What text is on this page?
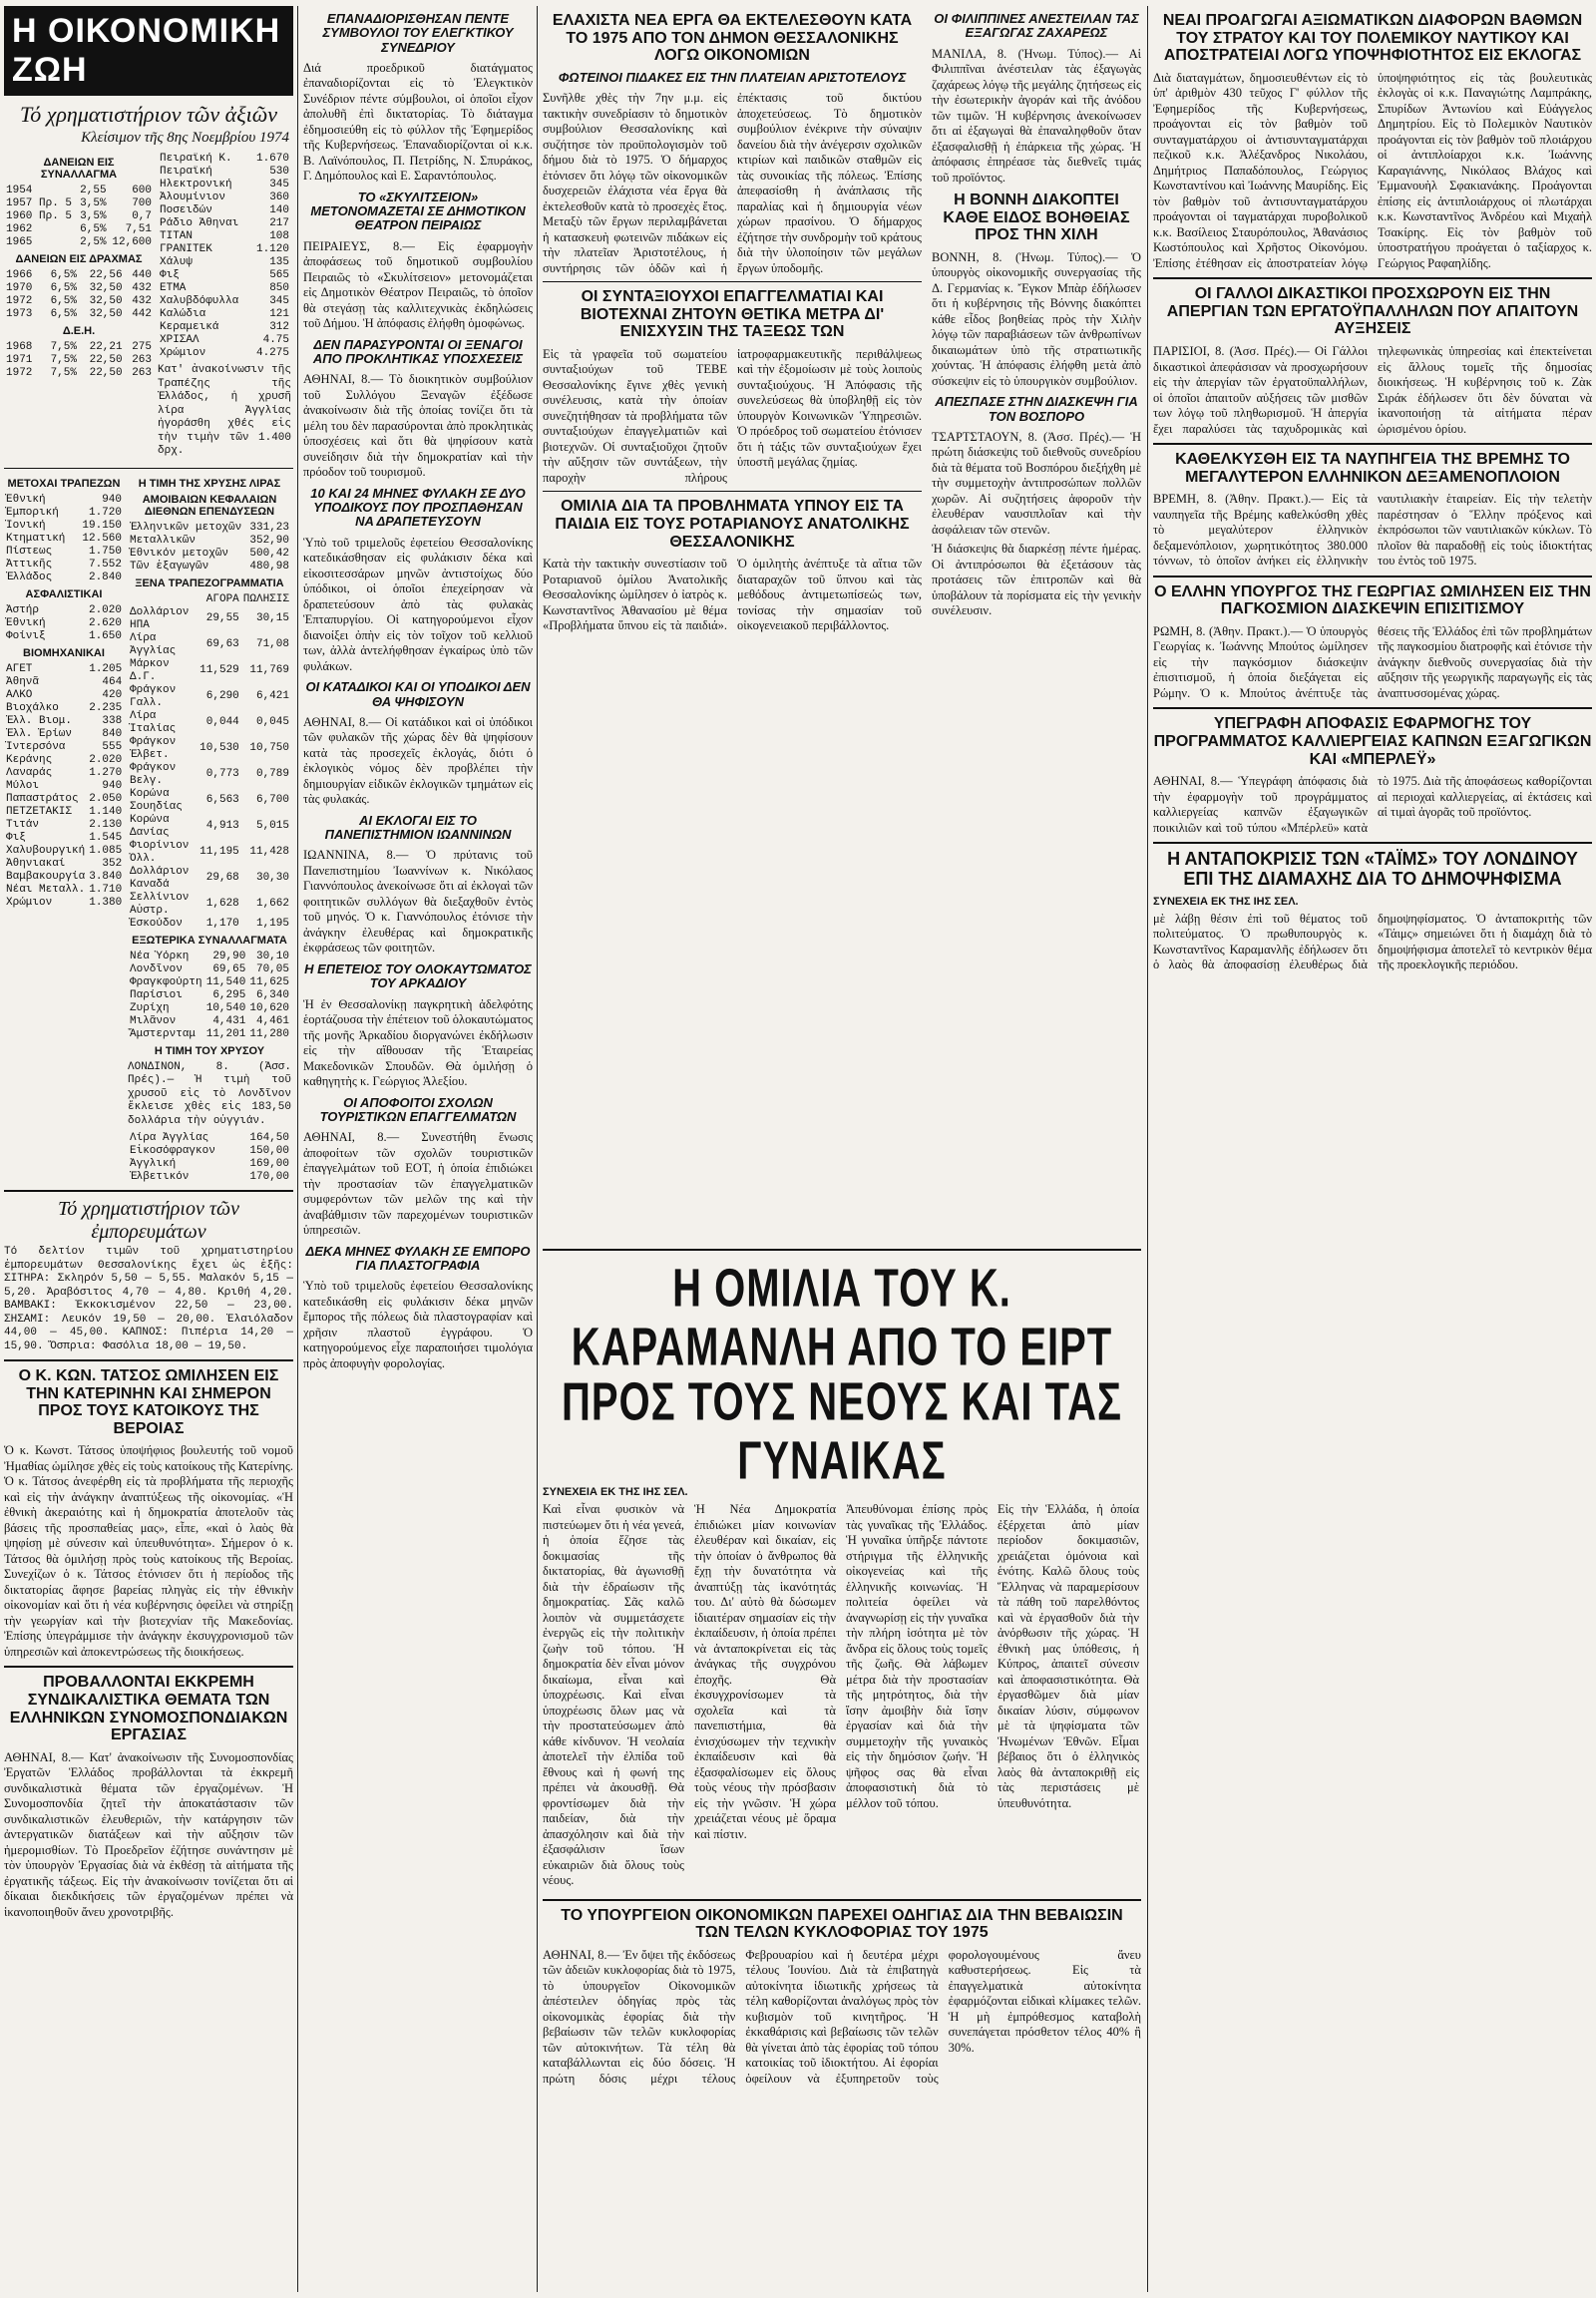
Η ΟΙΚΟΝΟΜΙΚΗ ΖΩΗ
Τό χρηματιστήριον τῶν ἀξιῶν
Κλείσιμον τῆς 8ης Νοεμβρίου 1974
ΔΑΝΕΙΩΝ ΕΙΣ ΣΥΝΑΛΛΑΓΜΑ
1954	2,55	600
1957 Πρ. 5	3,5%	700
1960 Πρ. 5	3,5%	0,7
1962	6,5%	7,51
1965	2,5%	12,600
ΔΑΝΕΙΩΝ ΕΙΣ ΔΡΑΧΜΑΣ
1966	6,5%	22,56	440
1970	6,5%	32,50	432
1972	6,5%	32,50	432
1973	6,5%	32,50	442
Δ.Ε.Η.
1968	7,5%	22,21	275
1971	7,5%	22,50	263
1972	7,5%	22,50	263
Πειραϊκή Κ.	1.670
Πειραϊκή	530
Ηλεκτρονική	345
Ἀλουμίνιον	360
Ποσειδών	140
Ράδιο Ἀθηναι	217
ΤΙΤΑΝ	108
ΓΡΑΝΙΤΕΚ	1.120
Χάλυψ	135
Φιξ	565
ΕΤΜΑ	850
Χαλυβδόφυλλα	345
Καλώδια	121
Κεραμεικά	312
ΧΡΙΣΑΛ	4.75
Χρώμιον	4.275
Κατ' ἀνακοίνωσιν τῆς Τραπέζης τῆς Ἑλλάδος, ἡ χρυσῆ λίρα Ἀγγλίας ἠγοράσθη χθές εἰς τὴν τιμὴν τῶν 1.400 δρχ.
ΜΕΤΟΧΑΙ ΤΡΑΠΕΖΩΝ
Ἐθνική	940
Ἐμπορική	1.720
Ἰονική	19.150
Κτηματική	12.560
Πίστεως	1.750
Ἀττικῆς	7.552
Ἑλλάδος	2.840
ΑΣΦΑΛΙΣΤΙΚΑΙ
Ἀστήρ	2.020
Ἐθνική	2.620
Φοίνιξ	1.650
ΒΙΟΜΗΧΑΝΙΚΑΙ
ΑΓΕΤ	1.205
Ἀθηνᾶ	464
ΑΛΚΟ	420
Βιοχάλκο	2.235
Ἑλλ. Βιομ.	338
Ἑλλ. Ἐρίων	840
Ἰντερσόνα	555
Κεράνης	2.020
Λαναράς	1.270
Μύλοι	940
Παπαστράτος	2.050
ΠΕΤΖΕΤΑΚΙΣ	1.140
Τιτάν	2.130
Φιξ	1.545
Χαλυβουργική	1.085
Ἀθηνιακαί	352
Βαμβακουργία	3.840
Νέαι Μεταλλ.	1.710
Χρώμιον	1.380
Η ΤΙΜΗ ΤΗΣ ΧΡΥΣΗΣ ΛΙΡΑΣ
ΑΜΟΙΒΑΙΩΝ ΚΕΦΑΛΑΙΩΝ ΔΙΕΘΝΩΝ ΕΠΕΝΔΥΣΕΩΝ
Ἑλληνικῶν μετοχῶν	331,23
Μεταλλικῶν	352,90
Ἐθνικόν μετοχῶν	500,42
Τῶν ἑξαγωγῶν	480,98
ΞΕΝΑ ΤΡΑΠΕΖΟΓΡΑΜΜΑΤΙΑ
	ΑΓΟΡΑ	ΠΩΛΗΣΙΣ
Δολλάριον ΗΠΑ	29,55	30,15
Λίρα Ἀγγλίας	69,63	71,08
Μάρκον Δ.Γ.	11,529	11,769
Φράγκον Γαλλ.	6,290	6,421
Λίρα Ἰταλίας	0,044	0,045
Φράγκον Ἑλβετ.	10,530	10,750
Φράγκον Βελγ.	0,773	0,789
Κορώνα Σουηδίας	6,563	6,700
Κορώνα Δανίας	4,913	5,015
Φιορίνιον Ὁλλ.	11,195	11,428
Δολλάριον Καναδά	29,68	30,30
Σελλίνιον Αὐστρ.	1,628	1,662
Ἐσκούδον	1,170	1,195
ΕΞΩΤΕΡΙΚΑ ΣΥΝΑΛΛΑΓΜΑΤΑ
Νέα Ὑόρκη	29,90	30,10
Λονδῖνον	69,65	70,05
Φραγκφούρτη	11,540	11,625
Παρίσιοι	6,295	6,340
Ζυρίχη	10,540	10,620
Μιλᾶνον	4,431	4,461
Ἄμστερνταμ	11,201	11,280
Η ΤΙΜΗ ΤΟΥ ΧΡΥΣΟΥ
ΛΟΝΔΙΝΟΝ, 8. (Ἀσσ. Πρές).— Ἡ τιμὴ τοῦ χρυσοῦ εἰς τὸ Λονδῖνον ἔκλεισε χθὲς εἰς 183,50 δολλάρια τὴν οὐγγιάν.
Λίρα Ἀγγλίας	164,50
Εἰκοσόφραγκον	150,00
Ἀγγλική	169,00
Ἑλβετικόν	170,00
Τό χρηματιστήριον τῶν ἐμπορευμάτων
Τό δελτίον τιμῶν τοῦ χρηματιστηρίου ἐμπορευμάτων Θεσσαλονίκης ἔχει ὡς ἑξῆς: ΣΙΤΗΡΑ: Σκληρόν 5,50 — 5,55. Μαλακόν 5,15 — 5,20. Ἀραβόσιτος 4,70 — 4,80. Κριθή 4,20. ΒΑΜΒΑΚΙ: Ἐκκοκισμένον 22,50 — 23,00. ΣΗΣΑΜΙ: Λευκόν 19,50 — 20,00. Ἐλαιόλαδον 44,00 — 45,00. ΚΑΠΝΟΣ: Πιπέρια 14,20 — 15,90. Ὄσπρια: Φασόλια 18,00 — 19,50.
Ο Κ. ΚΩΝ. ΤΑΤΣΟΣ ΩΜΙΛΗΣΕΝ ΕΙΣ ΤΗΝ ΚΑΤΕΡΙΝΗΝ ΚΑΙ ΣΗΜΕΡΟΝ ΠΡΟΣ ΤΟΥΣ ΚΑΤΟΙΚΟΥΣ ΤΗΣ ΒΕΡΟΙΑΣ
Ὁ κ. Κωνστ. Τάτσος ὑποψήφιος βουλευτής τοῦ νομοῦ Ἠμαθίας ὡμίλησε χθὲς εἰς τοὺς κατοίκους τῆς Κατερίνης. Ὁ κ. Τάτσος ἀνεφέρθη εἰς τὰ προβλήματα τῆς περιοχῆς καὶ εἰς τὴν ἀνάγκην ἀναπτύξεως τῆς οἰκονομίας. «Ἡ ἐθνικὴ ἀκεραιότης καὶ ἡ δημοκρατία ἀποτελοῦν τὰς βάσεις τῆς προσπαθείας μας», εἶπε, «καὶ ὁ λαὸς θὰ ψηφίσῃ μὲ σύνεσιν καὶ ὑπευθυνότητα». Σήμερον ὁ κ. Τάτσος θὰ ὁμιλήσῃ πρὸς τοὺς κατοίκους τῆς Βεροίας. Συνεχίζων ὁ κ. Τάτσος ἐτόνισεν ὅτι ἡ περίοδος τῆς δικτατορίας ἄφησε βαρείας πληγὰς εἰς τὴν ἐθνικὴν οἰκονομίαν καὶ ὅτι ἡ νέα κυβέρνησις ὀφείλει νὰ στηρίξῃ τὴν γεωργίαν καὶ τὴν βιοτεχνίαν τῆς Μακεδονίας. Ἐπίσης ὑπεγράμμισε τὴν ἀνάγκην ἐκσυγχρονισμοῦ τῶν ὑπηρεσιῶν καὶ ἀποκεντρώσεως τῆς διοικήσεως.
ΠΡΟΒΑΛΛΟΝΤΑΙ ΕΚΚΡΕΜΗ ΣΥΝΔΙΚΑΛΙΣΤΙΚΑ ΘΕΜΑΤΑ ΤΩΝ ΕΛΛΗΝΙΚΩΝ ΣΥΝΟΜΟΣΠΟΝΔΙΑΚΩΝ ΕΡΓΑΣΙΑΣ
ΑΘΗΝΑΙ, 8.— Κατ' ἀνακοίνωσιν τῆς Συνομοσπονδίας Ἐργατῶν Ἑλλάδος προβάλλονται τὰ ἐκκρεμῆ συνδικαλιστικὰ θέματα τῶν ἐργαζομένων. Ἡ Συνομοσπονδία ζητεῖ τὴν ἀποκατάστασιν τῶν συνδικαλιστικῶν ἐλευθεριῶν, τὴν κατάργησιν τῶν ἀντεργατικῶν διατάξεων καὶ τὴν αὔξησιν τῶν ἡμερομισθίων. Τὸ Προεδρεῖον ἐζήτησε συνάντησιν μὲ τὸν ὑπουργὸν Ἐργασίας διὰ νὰ ἐκθέσῃ τὰ αἰτήματα τῆς ἐργατικῆς τάξεως. Εἰς τὴν ἀνακοίνωσιν τονίζεται ὅτι αἱ δίκαιαι διεκδικήσεις τῶν ἐργαζομένων πρέπει νὰ ἱκανοποιηθοῦν ἄνευ χρονοτριβῆς.
ΕΠΑΝΑΔΙΟΡΙΣΘΗΣΑΝ ΠΕΝΤΕ ΣΥΜΒΟΥΛΟΙ ΤΟΥ ΕΛΕΓΚΤΙΚΟΥ ΣΥΝΕΔΡΙΟΥ
Διά προεδρικοῦ διατάγματος ἐπαναδιορίζονται εἰς τὸ Ἐλεγκτικὸν Συνέδριον πέντε σύμβουλοι, οἱ ὁποῖοι εἶχον ἀπολυθῆ ἐπὶ δικτατορίας. Τὸ διάταγμα ἐδημοσιεύθη εἰς τὸ φύλλον τῆς Ἐφημερίδος τῆς Κυβερνήσεως. Ἐπαναδιορίζονται οἱ κ.κ. Β. Λαϊνόπουλος, Π. Πετρίδης, Ν. Σπυράκος, Γ. Δημόπουλος καὶ Ε. Σαραντόπουλος.
ΤΟ «ΣΚΥΛΙΤΣΕΙΟΝ» ΜΕΤΟΝΟΜΑΖΕΤΑΙ ΣΕ ΔΗΜΟΤΙΚΟΝ ΘΕΑΤΡΟΝ ΠΕΙΡΑΙΩΣ
ΠΕΙΡΑΙΕΥΣ, 8.— Εἰς ἐφαρμογὴν ἀποφάσεως τοῦ δημοτικοῦ συμβουλίου Πειραιῶς τὸ «Σκυλίτσειον» μετονομάζεται εἰς Δημοτικὸν Θέατρον Πειραιῶς, τὸ ὁποῖον θὰ στεγάσῃ τὰς καλλιτεχνικὰς ἐκδηλώσεις τοῦ Δήμου. Ἡ ἀπόφασις ἐλήφθη ὁμοφώνως.
ΔΕΝ ΠΑΡΑΣΥΡΟΝΤΑΙ ΟΙ ΞΕΝΑΓΟΙ ΑΠΟ ΠΡΟΚΛΗΤΙΚΑΣ ΥΠΟΣΧΕΣΕΙΣ
ΑΘΗΝΑΙ, 8.— Τὸ διοικητικὸν συμβούλιον τοῦ Συλλόγου Ξεναγῶν ἐξέδωσε ἀνακοίνωσιν διὰ τῆς ὁποίας τονίζει ὅτι τὰ μέλη του δὲν παρασύρονται ἀπὸ προκλητικὰς ὑποσχέσεις καὶ ὅτι θὰ ψηφίσουν κατὰ συνείδησιν διὰ τὴν δημοκρατίαν καὶ τὴν πρόοδον τοῦ τουρισμοῦ.
10 ΚΑΙ 24 ΜΗΝΕΣ ΦΥΛΑΚΗ ΣΕ ΔΥΟ ΥΠΟΔΙΚΟΥΣ ΠΟΥ ΠΡΟΣΠΑΘΗΣΑΝ ΝΑ ΔΡΑΠΕΤΕΥΣΟΥΝ
Ὑπὸ τοῦ τριμελοῦς ἐφετείου Θεσσαλονίκης κατεδικάσθησαν εἰς φυλάκισιν δέκα καὶ εἰκοσιτεσσάρων μηνῶν ἀντιστοίχως δύο ὑπόδικοι, οἱ ὁποῖοι ἐπεχείρησαν νὰ δραπετεύσουν ἀπὸ τὰς φυλακὰς Ἑπταπυργίου. Οἱ κατηγορούμενοι εἶχον διανοίξει ὀπὴν εἰς τὸν τοῖχον τοῦ κελλιοῦ των, ἀλλὰ ἀντελήφθησαν ἐγκαίρως ὑπὸ τῶν φυλάκων.
ΟΙ ΚΑΤΑΔΙΚΟΙ ΚΑΙ ΟΙ ΥΠΟΔΙΚΟΙ ΔΕΝ ΘΑ ΨΗΦΙΣΟΥΝ
ΑΘΗΝΑΙ, 8.— Οἱ κατάδικοι καὶ οἱ ὑπόδικοι τῶν φυλακῶν τῆς χώρας δὲν θὰ ψηφίσουν κατὰ τὰς προσεχεῖς ἐκλογάς, διότι ὁ ἐκλογικὸς νόμος δὲν προβλέπει τὴν δημιουργίαν εἰδικῶν ἐκλογικῶν τμημάτων εἰς τὰς φυλακάς.
ΑΙ ΕΚΛΟΓΑΙ ΕΙΣ ΤΟ ΠΑΝΕΠΙΣΤΗΜΙΟΝ ΙΩΑΝΝΙΝΩΝ
ΙΩΑΝΝΙΝΑ, 8.— Ὁ πρύτανις τοῦ Πανεπιστημίου Ἰωαννίνων κ. Νικόλαος Γιαννόπουλος ἀνεκοίνωσε ὅτι αἱ ἐκλογαὶ τῶν φοιτητικῶν συλλόγων θὰ διεξαχθοῦν ἐντὸς τοῦ μηνός. Ὁ κ. Γιαννόπουλος ἐτόνισε τὴν ἀνάγκην ἐλευθέρας καὶ δημοκρατικῆς ἐκφράσεως τῶν φοιτητῶν.
Η ΕΠΕΤΕΙΟΣ ΤΟΥ ΟΛΟΚΑΥΤΩΜΑΤΟΣ ΤΟΥ ΑΡΚΑΔΙΟΥ
Ἡ ἐν Θεσσαλονίκῃ παγκρητικὴ ἀδελφότης ἑορτάζουσα τὴν ἐπέτειον τοῦ ὁλοκαυτώματος τῆς μονῆς Ἀρκαδίου διοργανώνει ἐκδήλωσιν εἰς τὴν αἴθουσαν τῆς Ἑταιρείας Μακεδονικῶν Σπουδῶν. Θὰ ὁμιλήσῃ ὁ καθηγητὴς κ. Γεώργιος Ἀλεξίου.
ΟΙ ΑΠΟΦΟΙΤΟΙ ΣΧΟΛΩΝ ΤΟΥΡΙΣΤΙΚΩΝ ΕΠΑΓΓΕΛΜΑΤΩΝ
ΑΘΗΝΑΙ, 8.— Συνεστήθη ἕνωσις ἀποφοίτων τῶν σχολῶν τουριστικῶν ἐπαγγελμάτων τοῦ ΕΟΤ, ἡ ὁποία ἐπιδιώκει τὴν προστασίαν τῶν ἐπαγγελματικῶν συμφερόντων τῶν μελῶν της καὶ τὴν ἀναβάθμισιν τῶν παρεχομένων τουριστικῶν ὑπηρεσιῶν.
ΔΕΚΑ ΜΗΝΕΣ ΦΥΛΑΚΗ ΣΕ ΕΜΠΟΡΟ ΓΙΑ ΠΛΑΣΤΟΓΡΑΦΙΑ
Ὑπὸ τοῦ τριμελοῦς ἐφετείου Θεσσαλονίκης κατεδικάσθη εἰς φυλάκισιν δέκα μηνῶν ἔμπορος τῆς πόλεως διὰ πλαστογραφίαν καὶ χρῆσιν πλαστοῦ ἐγγράφου. Ὁ κατηγορούμενος εἶχε παραποιήσει τιμολόγια πρὸς ἀποφυγὴν φορολογίας.
ΕΛΑΧΙΣΤΑ ΝΕΑ ΕΡΓΑ ΘΑ ΕΚΤΕΛΕΣΘΟΥΝ ΚΑΤΑ ΤΟ 1975 ΑΠΟ ΤΟΝ ΔΗΜΟΝ ΘΕΣΣΑΛΟΝΙΚΗΣ ΛΟΓΩ ΟΙΚΟΝΟΜΙΩΝ
ΦΩΤΕΙΝΟΙ ΠΙΔΑΚΕΣ ΕΙΣ ΤΗΝ ΠΛΑΤΕΙΑΝ ΑΡΙΣΤΟΤΕΛΟΥΣ
Συνῆλθε χθὲς τὴν 7ην μ.μ. εἰς τακτικὴν συνεδρίασιν τὸ δημοτικὸν συμβούλιον Θεσσαλονίκης καὶ συζήτησε τὸν προϋπολογισμὸν τοῦ δήμου διὰ τὸ 1975. Ὁ δήμαρχος ἐτόνισεν ὅτι λόγῳ τῶν οἰκονομικῶν δυσχερειῶν ἐλάχιστα νέα ἔργα θὰ ἐκτελεσθοῦν κατὰ τὸ προσεχὲς ἔτος. Μεταξὺ τῶν ἔργων περιλαμβάνεται ἡ κατασκευὴ φωτεινῶν πιδάκων εἰς τὴν πλατεῖαν Ἀριστοτέλους, ἡ συντήρησις τῶν ὁδῶν καὶ ἡ ἐπέκτασις τοῦ δικτύου ἀποχετεύσεως. Τὸ δημοτικὸν συμβούλιον ἐνέκρινε τὴν σύναψιν δανείου διὰ τὴν ἀνέγερσιν σχολικῶν κτιρίων καὶ παιδικῶν σταθμῶν εἰς τὰς συνοικίας τῆς πόλεως. Ἐπίσης ἀπεφασίσθη ἡ ἀνάπλασις τῆς παραλίας καὶ ἡ δημιουργία νέων χώρων πρασίνου. Ὁ δήμαρχος ἐζήτησε τὴν συνδρομὴν τοῦ κράτους διὰ τὴν ὑλοποίησιν τῶν μεγάλων ἔργων ὑποδομῆς.
ΟΙ ΣΥΝΤΑΞΙΟΥΧΟΙ ΕΠΑΓΓΕΛΜΑΤΙΑΙ ΚΑΙ ΒΙΟΤΕΧΝΑΙ ΖΗΤΟΥΝ ΘΕΤΙΚΑ ΜΕΤΡΑ ΔΙ' ΕΝΙΣΧΥΣΙΝ ΤΗΣ ΤΑΞΕΩΣ ΤΩΝ
Εἰς τὰ γραφεῖα τοῦ σωματείου συνταξιούχων τοῦ ΤΕΒΕ Θεσσαλονίκης ἔγινε χθὲς γενικὴ συνέλευσις, κατὰ τὴν ὁποίαν συνεζητήθησαν τὰ προβλήματα τῶν συνταξιούχων ἐπαγγελματιῶν καὶ βιοτεχνῶν. Οἱ συνταξιοῦχοι ζητοῦν τὴν αὔξησιν τῶν συντάξεων, τὴν παροχὴν πλήρους ἰατροφαρμακευτικῆς περιθάλψεως καὶ τὴν ἐξομοίωσιν μὲ τοὺς λοιποὺς συνταξιούχους. Ἡ Ἀπόφασις τῆς συνελεύσεως θὰ ὑποβληθῇ εἰς τὸν ὑπουργὸν Κοινωνικῶν Ὑπηρεσιῶν. Ὁ πρόεδρος τοῦ σωματείου ἐτόνισεν ὅτι ἡ τάξις τῶν συνταξιούχων ἔχει ὑποστῆ μεγάλας ζημίας.
ΟΜΙΛΙΑ ΔΙΑ ΤΑ ΠΡΟΒΛΗΜΑΤΑ ΥΠΝΟΥ ΕΙΣ ΤΑ ΠΑΙΔΙΑ ΕΙΣ ΤΟΥΣ ΡΟΤΑΡΙΑΝΟΥΣ ΑΝΑΤΟΛΙΚΗΣ ΘΕΣΣΑΛΟΝΙΚΗΣ
Κατὰ τὴν τακτικὴν συνεστίασιν τοῦ Ροταριανοῦ ὁμίλου Ἀνατολικῆς Θεσσαλονίκης ὡμίλησεν ὁ ἰατρὸς κ. Κωνσταντῖνος Ἀθανασίου μὲ θέμα «Προβλήματα ὕπνου εἰς τὰ παιδιά». Ὁ ὁμιλητὴς ἀνέπτυξε τὰ αἴτια τῶν διαταραχῶν τοῦ ὕπνου καὶ τὰς μεθόδους ἀντιμετωπίσεώς των, τονίσας τὴν σημασίαν τοῦ οἰκογενειακοῦ περιβάλλοντος.
ΟΙ ΦΙΛΙΠΠΙΝΕΣ ΑΝΕΣΤΕΙΛΑΝ ΤΑΣ ΕΞΑΓΩΓΑΣ ΖΑΧΑΡΕΩΣ
ΜΑΝΙΛΑ, 8. (Ἠνωμ. Τύπος).— Αἱ Φιλιππῖναι ἀνέστειλαν τὰς ἐξαγωγὰς ζαχάρεως λόγῳ τῆς μεγάλης ζητήσεως εἰς τὴν ἐσωτερικὴν ἀγοράν καὶ τῆς ἀνόδου τῶν τιμῶν. Ἡ κυβέρνησις ἀνεκοίνωσεν ὅτι αἱ ἐξαγωγαὶ θὰ ἐπαναληφθοῦν ὅταν ἐξασφαλισθῇ ἡ ἐπάρκεια τῆς χώρας. Ἡ ἀπόφασις ἐπηρέασε τὰς διεθνεῖς τιμάς τοῦ προϊόντος.
Η ΒΟΝΝΗ ΔΙΑΚΟΠΤΕΙ ΚΑΘΕ ΕΙΔΟΣ ΒΟΗΘΕΙΑΣ ΠΡΟΣ ΤΗΝ ΧΙΛΗ
ΒΟΝΝΗ, 8. (Ἠνωμ. Τύπος).— Ὁ ὑπουργὸς οἰκονομικῆς συνεργασίας τῆς Δ. Γερμανίας κ. Ἔγκον Μπὰρ ἐδήλωσεν ὅτι ἡ κυβέρνησις τῆς Βόννης διακόπτει κάθε εἶδος βοηθείας πρὸς τὴν Χιλὴν λόγῳ τῶν παραβιάσεων τῶν ἀνθρωπίνων δικαιωμάτων ὑπὸ τῆς στρατιωτικῆς χούντας. Ἡ ἀπόφασις ἐλήφθη μετὰ ἀπὸ σύσκεψιν εἰς τὸ ὑπουργικὸν συμβούλιον.
ΑΠΕΣΠΑΣΕ ΣΤΗΝ ΔΙΑΣΚΕΨΗ ΓΙΑ ΤΟΝ ΒΟΣΠΟΡΟ
ΤΣΑΡΤΣΤΑΟΥΝ, 8. (Ἀσσ. Πρές).— Ἡ πρώτη διάσκεψις τοῦ διεθνοῦς συνεδρίου διὰ τὰ θέματα τοῦ Βοσπόρου διεξήχθη μὲ τὴν συμμετοχὴν ἀντιπροσώπων πολλῶν χωρῶν. Αἱ συζητήσεις ἀφοροῦν τὴν ἐλευθέραν ναυσιπλοΐαν καὶ τὴν ἀσφάλειαν τῶν στενῶν.
Ἡ διάσκεψις θὰ διαρκέσῃ πέντε ἡμέρας. Οἱ ἀντιπρόσωποι θὰ ἐξετάσουν τὰς προτάσεις τῶν ἐπιτροπῶν καὶ θὰ ὑποβάλουν τὰ πορίσματα εἰς τὴν γενικὴν συνέλευσιν.
Η ΟΜΙΛΙΑ ΤΟΥ Κ. ΚΑΡΑΜΑΝΛΗ ΑΠΟ ΤΟ ΕΙΡΤ
ΠΡΟΣ ΤΟΥΣ ΝΕΟΥΣ ΚΑΙ ΤΑΣ ΓΥΝΑΙΚΑΣ
ΣΥΝΕΧΕΙΑ ΕΚ ΤΗΣ ΙΗΣ ΣΕΛ.
Καὶ εἶναι φυσικὸν νὰ πιστεύωμεν ὅτι ἡ νέα γενεά, ἡ ὁποία ἔζησε τὰς δοκιμασίας τῆς δικτατορίας, θὰ ἀγωνισθῇ διὰ τὴν ἐδραίωσιν τῆς δημοκρατίας. Σᾶς καλῶ λοιπὸν νὰ συμμετάσχετε ἐνεργῶς εἰς τὴν πολιτικὴν ζωὴν τοῦ τόπου. Ἡ δημοκρατία δὲν εἶναι μόνον δικαίωμα, εἶναι καὶ ὑποχρέωσις. Καὶ εἶναι ὑποχρέωσις ὅλων μας νὰ τὴν προστατεύσωμεν ἀπὸ κάθε κίνδυνον. Ἡ νεολαία ἀποτελεῖ τὴν ἐλπίδα τοῦ ἔθνους καὶ ἡ φωνή της πρέπει νὰ ἀκουσθῇ. Θὰ φροντίσωμεν διὰ τὴν παιδείαν, διὰ τὴν ἀπασχόλησιν καὶ διὰ τὴν ἐξασφάλισιν ἴσων εὐκαιριῶν διὰ ὅλους τοὺς νέους.
Ἡ Νέα Δημοκρατία ἐπιδιώκει μίαν κοινωνίαν ἐλευθέραν καὶ δικαίαν, εἰς τὴν ὁποίαν ὁ ἄνθρωπος θὰ ἔχῃ τὴν δυνατότητα νὰ ἀναπτύξῃ τὰς ἱκανότητάς του. Δι' αὐτὸ θὰ δώσωμεν ἰδιαιτέραν σημασίαν εἰς τὴν ἐκπαίδευσιν, ἡ ὁποία πρέπει νὰ ἀνταποκρίνεται εἰς τὰς ἀνάγκας τῆς συγχρόνου ἐποχῆς. Θὰ ἐκσυγχρονίσωμεν τὰ σχολεῖα καὶ τὰ πανεπιστήμια, θὰ ἐνισχύσωμεν τὴν τεχνικὴν ἐκπαίδευσιν καὶ θὰ ἐξασφαλίσωμεν εἰς ὅλους τοὺς νέους τὴν πρόσβασιν εἰς τὴν γνῶσιν. Ἡ χώρα χρειάζεται νέους μὲ ὅραμα καὶ πίστιν.
Ἀπευθύνομαι ἐπίσης πρὸς τὰς γυναῖκας τῆς Ἑλλάδος. Ἡ γυναῖκα ὑπῆρξε πάντοτε στήριγμα τῆς ἑλληνικῆς οἰκογενείας καὶ τῆς ἑλληνικῆς κοινωνίας. Ἡ πολιτεία ὀφείλει νὰ ἀναγνωρίσῃ εἰς τὴν γυναῖκα τὴν πλήρη ἰσότητα μὲ τὸν ἄνδρα εἰς ὅλους τοὺς τομεῖς τῆς ζωῆς. Θὰ λάβωμεν μέτρα διὰ τὴν προστασίαν τῆς μητρότητος, διὰ τὴν ἴσην ἀμοιβὴν διὰ ἴσην ἐργασίαν καὶ διὰ τὴν συμμετοχὴν τῆς γυναικὸς εἰς τὴν δημόσιον ζωήν. Ἡ ψῆφος σας θὰ εἶναι ἀποφασιστικὴ διὰ τὸ μέλλον τοῦ τόπου.
Εἰς τὴν Ἑλλάδα, ἡ ὁποία ἐξέρχεται ἀπὸ μίαν περίοδον δοκιμασιῶν, χρειάζεται ὁμόνοια καὶ ἑνότης. Καλῶ ὅλους τοὺς Ἕλληνας νὰ παραμερίσουν τὰ πάθη τοῦ παρελθόντος καὶ νὰ ἐργασθοῦν διὰ τὴν ἀνόρθωσιν τῆς χώρας. Ἡ ἐθνικὴ μας ὑπόθεσις, ἡ Κύπρος, ἀπαιτεῖ σύνεσιν καὶ ἀποφασιστικότητα. Θὰ ἐργασθῶμεν διὰ μίαν δικαίαν λύσιν, σύμφωνον μὲ τὰ ψηφίσματα τῶν Ἡνωμένων Ἐθνῶν. Εἶμαι βέβαιος ὅτι ὁ ἑλληνικὸς λαὸς θὰ ἀνταποκριθῇ εἰς τὰς περιστάσεις μὲ ὑπευθυνότητα.
ΤΟ ΥΠΟΥΡΓΕΙΟΝ ΟΙΚΟΝΟΜΙΚΩΝ ΠΑΡΕΧΕΙ ΟΔΗΓΙΑΣ ΔΙΑ ΤΗΝ ΒΕΒΑΙΩΣΙΝ ΤΩΝ ΤΕΛΩΝ ΚΥΚΛΟΦΟΡΙΑΣ ΤΟΥ 1975
ΑΘΗΝΑΙ, 8.— Ἐν ὄψει τῆς ἐκδόσεως τῶν ἀδειῶν κυκλοφορίας διὰ τὸ 1975, τὸ ὑπουργεῖον Οἰκονομικῶν ἀπέστειλεν ὁδηγίας πρὸς τὰς οἰκονομικὰς ἐφορίας διὰ τὴν βεβαίωσιν τῶν τελῶν κυκλοφορίας τῶν αὐτοκινήτων. Τὰ τέλη θὰ καταβάλλωνται εἰς δύο δόσεις. Ἡ πρώτη δόσις μέχρι τέλους Φεβρουαρίου καὶ ἡ δευτέρα μέχρι τέλους Ἰουνίου. Διὰ τὰ ἐπιβατηγὰ αὐτοκίνητα ἰδιωτικῆς χρήσεως τὰ τέλη καθορίζονται ἀναλόγως πρὸς τὸν κυβισμὸν τοῦ κινητῆρος. Ἡ ἐκκαθάρισις καὶ βεβαίωσις τῶν τελῶν θὰ γίνεται ἀπὸ τὰς ἐφορίας τοῦ τόπου κατοικίας τοῦ ἰδιοκτήτου. Αἱ ἐφορίαι ὀφείλουν νὰ ἐξυπηρετοῦν τοὺς φορολογουμένους ἄνευ καθυστερήσεως. Εἰς τὰ ἐπαγγελματικὰ αὐτοκίνητα ἐφαρμόζονται εἰδικαὶ κλίμακες τελῶν. Ἡ μὴ ἐμπρόθεσμος καταβολὴ συνεπάγεται πρόσθετον τέλος 40% ἢ 30%.
ΝΕΑΙ ΠΡΟΑΓΩΓΑΙ ΑΞΙΩΜΑΤΙΚΩΝ ΔΙΑΦΟΡΩΝ ΒΑΘΜΩΝ ΤΟΥ ΣΤΡΑΤΟΥ ΚΑΙ ΤΟΥ ΠΟΛΕΜΙΚΟΥ ΝΑΥΤΙΚΟΥ ΚΑΙ ΑΠΟΣΤΡΑΤΕΙΑΙ ΛΟΓΩ ΥΠΟΨΗΦΙΟΤΗΤΟΣ ΕΙΣ ΕΚΛΟΓΑΣ
Διὰ διαταγμάτων, δημοσιευθέντων εἰς τὸ ὑπ' ἀριθμὸν 430 τεῦχος Γ' φύλλον τῆς Ἐφημερίδος τῆς Κυβερνήσεως, προάγονται εἰς τὸν βαθμὸν τοῦ συνταγματάρχου οἱ ἀντισυνταγματάρχαι πεζικοῦ κ.κ. Ἀλέξανδρος Νικολάου, Δημήτριος Παπαδόπουλος, Γεώργιος Κωνσταντίνου καὶ Ἰωάννης Μαυρίδης. Εἰς τὸν βαθμὸν τοῦ ἀντισυνταγματάρχου προάγονται οἱ ταγματάρχαι πυροβολικοῦ κ.κ. Βασίλειος Σταυρόπουλος, Ἀθανάσιος Κωστόπουλος καὶ Χρῆστος Οἰκονόμου. Ἐπίσης ἐτέθησαν εἰς ἀποστρατείαν λόγῳ ὑποψηφιότητος εἰς τὰς βουλευτικὰς ἐκλογὰς οἱ κ.κ. Παναγιώτης Λαμπράκης, Σπυρίδων Ἀντωνίου καὶ Εὐάγγελος Δημητρίου. Εἰς τὸ Πολεμικὸν Ναυτικὸν προάγονται εἰς τὸν βαθμὸν τοῦ πλοιάρχου οἱ ἀντιπλοίαρχοι κ.κ. Ἰωάννης Καραγιάννης, Νικόλαος Βλάχος καὶ Ἐμμανουὴλ Σφακιανάκης. Προάγονται ἐπίσης εἰς ἀντιπλοιάρχους οἱ πλωτάρχαι κ.κ. Κωνσταντῖνος Ἀνδρέου καὶ Μιχαὴλ Τσακίρης. Εἰς τὸν βαθμὸν τοῦ ὑποστρατήγου προάγεται ὁ ταξίαρχος κ. Γεώργιος Ραφαηλίδης.
ΟΙ ΓΑΛΛΟΙ ΔΙΚΑΣΤΙΚΟΙ ΠΡΟΣΧΩΡΟΥΝ ΕΙΣ ΤΗΝ ΑΠΕΡΓΙΑΝ ΤΩΝ ΕΡΓΑΤΟΫΠΑΛΛΗΛΩΝ ΠΟΥ ΑΠΑΙΤΟΥΝ ΑΥΞΗΣΕΙΣ
ΠΑΡΙΣΙΟΙ, 8. (Ἀσσ. Πρές).— Οἱ Γάλλοι δικαστικοὶ ἀπεφάσισαν νὰ προσχωρήσουν εἰς τὴν ἀπεργίαν τῶν ἐργατοϋπαλλήλων, οἱ ὁποῖοι ἀπαιτοῦν αὐξήσεις τῶν μισθῶν των λόγῳ τοῦ πληθωρισμοῦ. Ἡ ἀπεργία ἔχει παραλύσει τὰς ταχυδρομικὰς καὶ τηλεφωνικὰς ὑπηρεσίας καὶ ἐπεκτείνεται εἰς ἄλλους τομεῖς τῆς δημοσίας διοικήσεως. Ἡ κυβέρνησις τοῦ κ. Ζὰκ Σιράκ ἐδήλωσεν ὅτι δὲν δύναται νὰ ἱκανοποιήσῃ τὰ αἰτήματα πέραν ὡρισμένου ὁρίου.
ΚΑΘΕΛΚΥΣΘΗ ΕΙΣ ΤΑ ΝΑΥΠΗΓΕΙΑ ΤΗΣ ΒΡΕΜΗΣ ΤΟ ΜΕΓΑΛΥΤΕΡΟΝ ΕΛΛΗΝΙΚΟΝ ΔΕΞΑΜΕΝΟΠΛΟΙΟΝ
ΒΡΕΜΗ, 8. (Ἀθην. Πρακτ.).— Εἰς τὰ ναυπηγεῖα τῆς Βρέμης καθελκύσθη χθὲς τὸ μεγαλύτερον ἑλληνικὸν δεξαμενόπλοιον, χωρητικότητος 380.000 τόννων, τὸ ὁποῖον ἀνήκει εἰς ἑλληνικὴν ναυτιλιακὴν ἑταιρείαν. Εἰς τὴν τελετὴν παρέστησαν ὁ Ἕλλην πρόξενος καὶ ἐκπρόσωποι τῶν ναυτιλιακῶν κύκλων. Τὸ πλοῖον θὰ παραδοθῇ εἰς τοὺς ἰδιοκτήτας του ἐντὸς τοῦ 1975.
Ο ΕΛΛΗΝ ΥΠΟΥΡΓΟΣ ΤΗΣ ΓΕΩΡΓΙΑΣ ΩΜΙΛΗΣΕΝ ΕΙΣ ΤΗΝ ΠΑΓΚΟΣΜΙΟΝ ΔΙΑΣΚΕΨΙΝ ΕΠΙΣΙΤΙΣΜΟΥ
ΡΩΜΗ, 8. (Ἀθην. Πρακτ.).— Ὁ ὑπουργὸς Γεωργίας κ. Ἰωάννης Μπούτος ὡμίλησεν εἰς τὴν παγκόσμιον διάσκεψιν ἐπισιτισμοῦ, ἡ ὁποία διεξάγεται εἰς Ρώμην. Ὁ κ. Μπούτος ἀνέπτυξε τὰς θέσεις τῆς Ἑλλάδος ἐπὶ τῶν προβλημάτων τῆς παγκοσμίου διατροφῆς καὶ ἐτόνισε τὴν ἀνάγκην διεθνοῦς συνεργασίας διὰ τὴν αὔξησιν τῆς γεωργικῆς παραγωγῆς εἰς τὰς ἀναπτυσσομένας χώρας.
ΥΠΕΓΡΑΦΗ ΑΠΟΦΑΣΙΣ ΕΦΑΡΜΟΓΗΣ ΤΟΥ ΠΡΟΓΡΑΜΜΑΤΟΣ ΚΑΛΛΙΕΡΓΕΙΑΣ ΚΑΠΝΩΝ ΕΞΑΓΩΓΙΚΩΝ ΚΑΙ «ΜΠΕΡΛΕΫ»
ΑΘΗΝΑΙ, 8.— Ὑπεγράφη ἀπόφασις διὰ τὴν ἐφαρμογὴν τοῦ προγράμματος καλλιεργείας καπνῶν ἐξαγωγικῶν ποικιλιῶν καὶ τοῦ τύπου «Μπέρλεϋ» κατὰ τὸ 1975. Διὰ τῆς ἀποφάσεως καθορίζονται αἱ περιοχαὶ καλλιεργείας, αἱ ἐκτάσεις καὶ αἱ τιμαὶ ἀγορᾶς τοῦ προϊόντος.
Η ΑΝΤΑΠΟΚΡΙΣΙΣ ΤΩΝ «ΤΑΪΜΣ» ΤΟΥ ΛΟΝΔΙΝΟΥ ΕΠΙ ΤΗΣ ΔΙΑΜΑΧΗΣ ΔΙΑ ΤΟ ΔΗΜΟΨΗΦΙΣΜΑ
ΣΥΝΕΧΕΙΑ ΕΚ ΤΗΣ ΙΗΣ ΣΕΛ.
μὲ λάβῃ θέσιν ἐπὶ τοῦ θέματος τοῦ πολιτεύματος. Ὁ πρωθυπουργὸς κ. Κωνσταντῖνος Καραμανλῆς ἐδήλωσεν ὅτι ὁ λαὸς θὰ ἀποφασίσῃ ἐλευθέρως διὰ δημοψηφίσματος. Ὁ ἀνταποκριτὴς τῶν «Τάιμς» σημειώνει ὅτι ἡ διαμάχη διὰ τὸ δημοψήφισμα ἀποτελεῖ τὸ κεντρικὸν θέμα τῆς προεκλογικῆς περιόδου.
